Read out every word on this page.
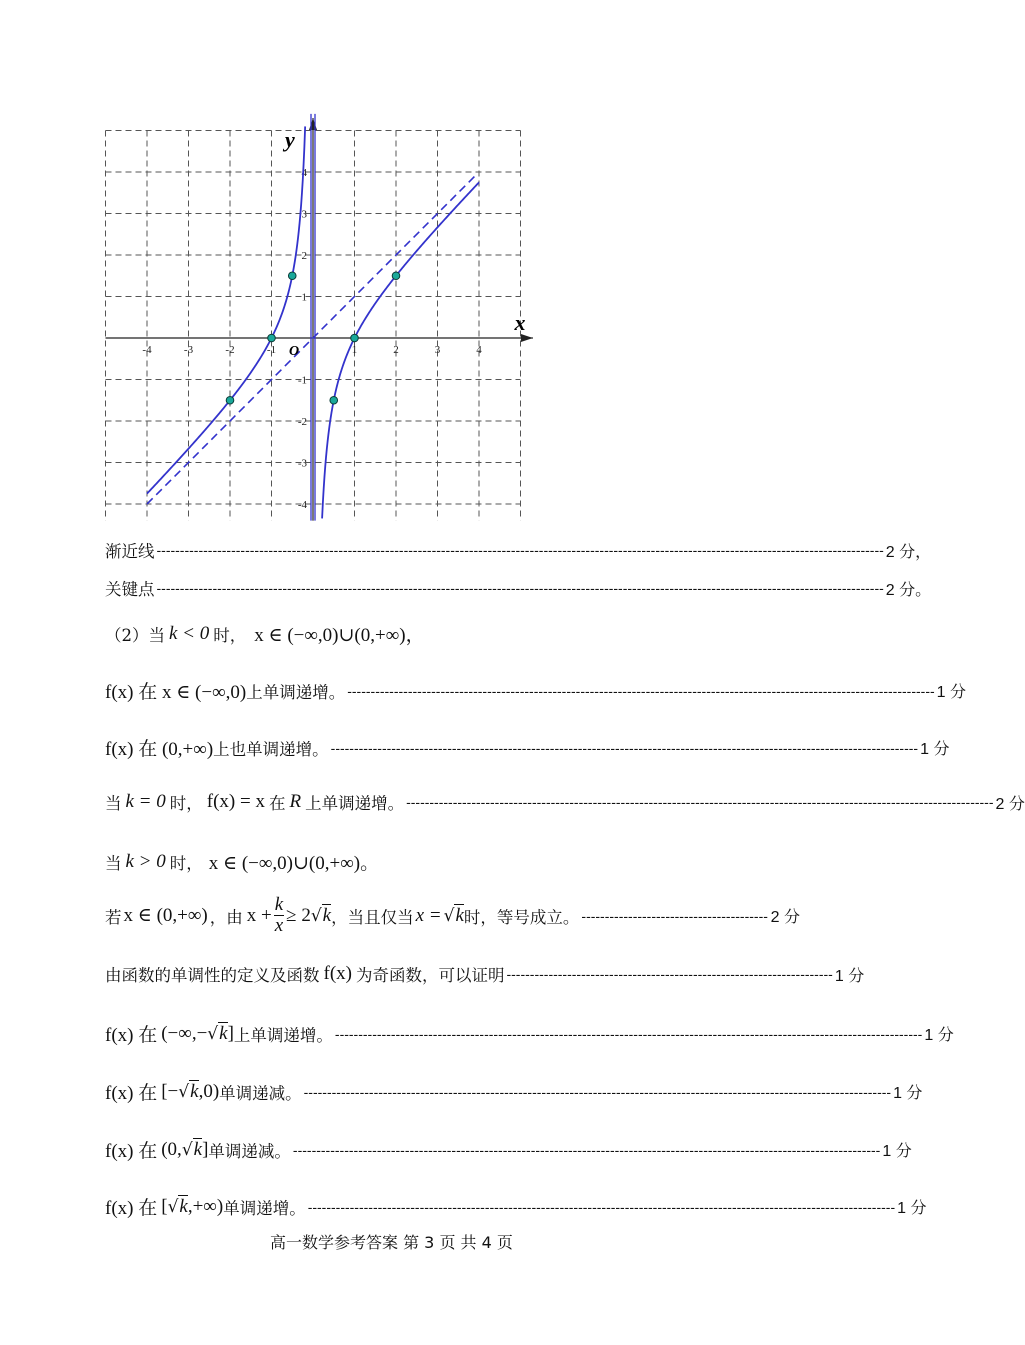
-4	-3	-2	-1	1	2	3	4
4
3
2
1
-1
-2
-3
-4
x
y
O
渐近线 ------------------------------------------------------------------------------------------------------------------------------------------------------------ 2 分，
关键点 ------------------------------------------------------------------------------------------------------------------------------------------------------------ 2 分。
（2）当 k < 0 时， x ∈ (−∞,0)∪(0,+∞)，
f(x) 在 x ∈ (−∞,0) 上单调递增。 ------------------------------------------------------------------------------------------------------------------------------ 1 分
f(x) 在 (0,+∞) 上也单调递增。 ------------------------------------------------------------------------------------------------------------------------------ 1 分
当 k = 0 时， f(x) = x 在 R 上单调递增。 ------------------------------------------------------------------------------------------------------------------------------ 2 分
当 k > 0 时， x ∈ (−∞,0)∪(0,+∞)。
若 x ∈ (0,+∞) ，由 $x + \frac{k}{x} \ge 2$ √ k ，当且仅当 x = √ k 时，等号成立。 ---------------------------------------- 2 分
由函数的单调性的定义及函数 f(x) 为奇函数，可以证明 ---------------------------------------------------------------------- 1 分
f(x) 在 (−∞,− √ k ] 上单调递增。 ------------------------------------------------------------------------------------------------------------------------------ 1 分
f(x) 在 [− √ k ,0) 单调递减。 ------------------------------------------------------------------------------------------------------------------------------ 1 分
f(x) 在 (0, √ k ] 单调递减。 ------------------------------------------------------------------------------------------------------------------------------ 1 分
f(x) 在 [ √ k ,+∞) 单调递增。 ------------------------------------------------------------------------------------------------------------------------------ 1 分
高一数学参考答案 第 3 页 共 4 页
